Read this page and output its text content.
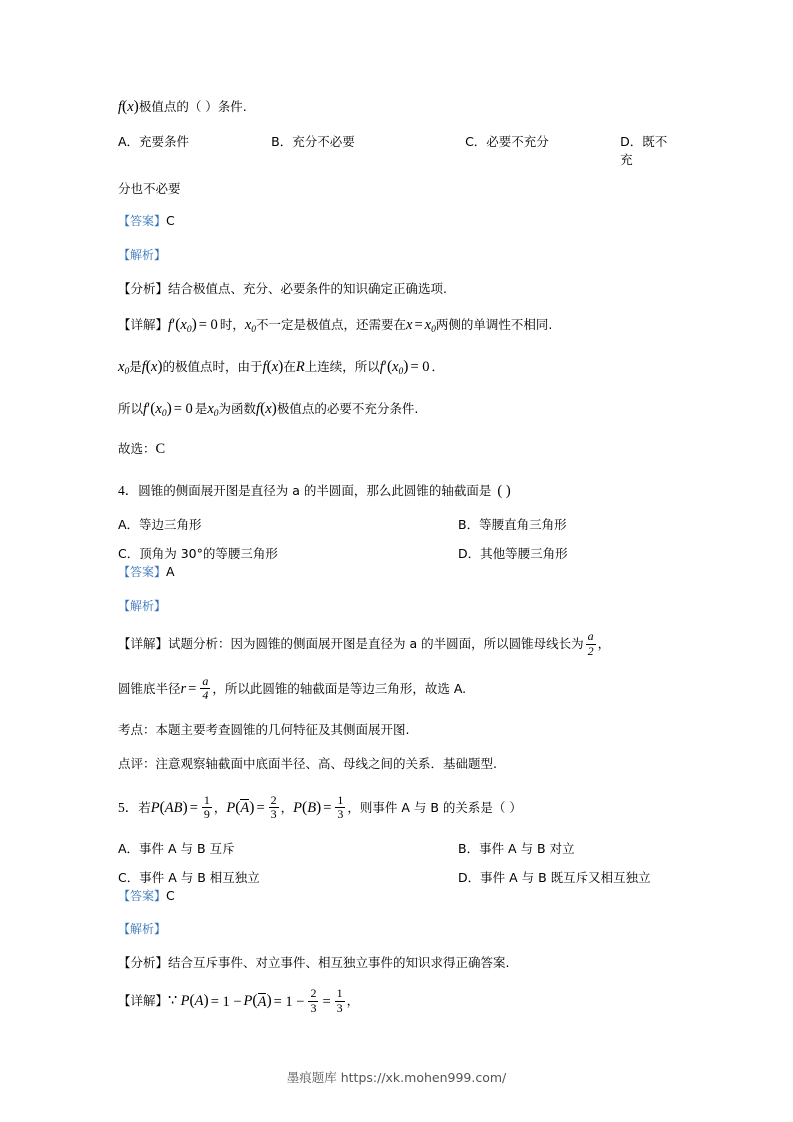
f(x)极值点的（ ）条件.
A．充要条件	B．充分不必要	C．必要不充分	D．既不充
分也不必要
【答案】C
【解析】
【分析】结合极值点、充分、必要条件的知识确定正确选项.
【详解】$f'(x_0) = 0$ 时，$x_0$不一定是极值点，还需要在$x = x_0$两侧的单调性不相同.
$x_0$是f(x)的极值点时，由于f(x)在R上连续，所以$f'(x_0) = 0$ ．
所以$f'(x_0) = 0$ 是$x_0$为函数f(x)极值点的必要不充分条件.
故选：C
4．圆锥的侧面展开图是直径为 a 的半圆面，那么此圆锥的轴截面是 ( )
A．等边三角形	B．等腰直角三角形
C．顶角为 30°的等腰三角形	D．其他等腰三角形
【答案】A
【解析】
【详解】试题分析：因为圆锥的侧面展开图是直径为 a 的半圆面，所以圆锥母线长为 $\frac{a}{2}$ ，
圆锥底半径$r = \frac{a}{4}$ ，所以此圆锥的轴截面是等边三角形，故选 A.
考点：本题主要考查圆锥的几何特征及其侧面展开图.
点评：注意观察轴截面中底面半径、高、母线之间的关系．基础题型.
5．若$P(AB) = \frac{1}{9}$ ，$P(A) = \frac{2}{3}$ ，$P(B) = \frac{1}{3}$ ，则事件 A 与 B 的关系是（ ）
A．事件 A 与 B 互斥	B．事件 A 与 B 对立
C．事件 A 与 B 相互独立	D．事件 A 与 B 既互斥又相互独立
【答案】C
【解析】
【分析】结合互斥事件、对立事件、相互独立事件的知识求得正确答案.
【详解】∵ $P(A) = 1 - P(A) = 1 - \frac{2}{3} = \frac{1}{3}$ ，
墨痕题库 https://xk.mohen999.com/
